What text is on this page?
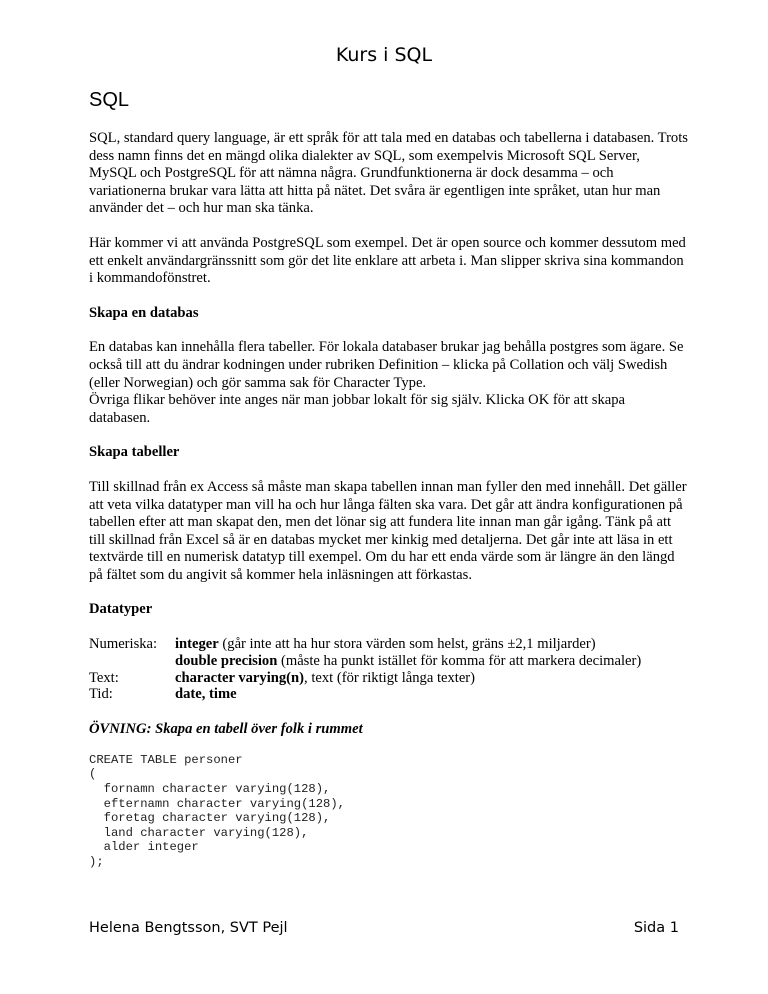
Kurs i SQL
SQL

SQL, standard query language, är ett språk för att tala med en databas och tabellerna i databasen. Trots dess namn finns det en mängd olika dialekter av SQL, som exempelvis Microsoft SQL Server, MySQL och PostgreSQL för att nämna några. Grundfunktionerna är dock desamma – och variationerna brukar vara lätta att hitta på nätet. Det svåra är egentligen inte språket, utan hur man använder det – och hur man ska tänka.

Här kommer vi att använda PostgreSQL som exempel. Det är open source och kommer dessutom med ett enkelt användargränssnitt som gör det lite enklare att arbeta i. Man slipper skriva sina kommandon i kommandofönstret.

Skapa en databas

En databas kan innehålla flera tabeller. För lokala databaser brukar jag behålla postgres som ägare. Se också till att du ändrar kodningen under rubriken Definition – klicka på Collation och välj Swedish (eller Norwegian) och gör samma sak för Character Type.

Övriga flikar behöver inte anges när man jobbar lokalt för sig själv. Klicka OK för att skapa databasen.

Skapa tabeller

Till skillnad från ex Access så måste man skapa tabellen innan man fyller den med innehåll. Det gäller att veta vilka datatyper man vill ha och hur långa fälten ska vara. Det går att ändra konfigurationen på tabellen efter att man skapat den, men det lönar sig att fundera lite innan man går igång. Tänk på att till skillnad från Excel så är en databas mycket mer kinkig med detaljerna. Det går inte att läsa in ett textvärde till en numerisk datatyp till exempel. Om du har ett enda värde som är längre än den längd på fältet som du angivit så kommer hela inläsningen att förkastas.

Datatyper
Numeriska:	integer (går inte att ha hur stora värden som helst, gräns ±2,1 miljarder)
double precision (måste ha punkt istället för komma för att markera decimaler)
Text:	character varying(n), text (för riktigt långa texter)
Tid:	date, time
ÖVNING: Skapa en tabell över folk i rummet
CREATE TABLE personer
(
fornamn character varying(128),
efternamn character varying(128),
foretag character varying(128),
land character varying(128),
alder integer
);
Helena Bengtsson, SVT Pejl	Sida 1
